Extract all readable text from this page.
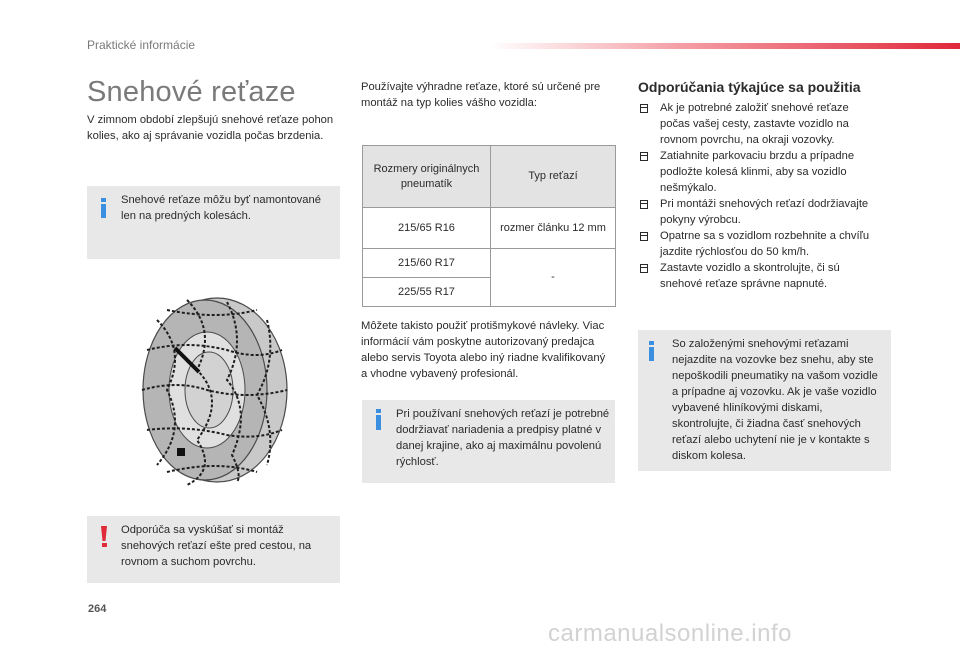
Praktické informácie
Snehové reťaze

V zimnom období zlepšujú snehové reťaze pohon kolies, ako aj správanie vozidla počas brzdenia.

Snehové reťaze môžu byť namontované len na predných kolesách.
Odporúča sa vyskúšať si montáž snehových reťazí ešte pred cestou, na rovnom a suchom povrchu.

Používajte výhradne reťaze, ktoré sú určené pre montáž na typ kolies vášho vozidla:

Rozmery originálnych pneumatík	Typ reťazí
215/65 R16	rozmer článku 12 mm
215/60 R17	-
225/55 R17	

Môžete takisto použiť protišmykové návleky. Viac informácií vám poskytne autorizovaný predajca alebo servis Toyota alebo iný riadne kvalifikovaný a vhodne vybavený profesionál.

Pri používaní snehových reťazí je potrebné dodržiavať nariadenia a predpisy platné v danej krajine, ako aj maximálnu povolenú rýchlosť.
Odporúčania týkajúce sa použitia
Ak je potrebné založiť snehové reťaze počas vašej cesty, zastavte vozidlo na rovnom povrchu, na okraji vozovky.
Zatiahnite parkovaciu brzdu a prípadne podložte kolesá klinmi, aby sa vozidlo nešmýkalo.
Pri montáži snehových reťazí dodržiavajte pokyny výrobcu.
Opatrne sa s vozidlom rozbehnite a chvíľu jazdite rýchlosťou do 50 km/h.
Zastavte vozidlo a skontrolujte, či sú snehové reťaze správne napnuté.
So založenými snehovými reťazami nejazdite na vozovke bez snehu, aby ste nepoškodili pneumatiky na vašom vozidle a prípadne aj vozovku. Ak je vaše vozidlo vybavené hliníkovými diskami, skontrolujte, či žiadna časť snehových reťazí alebo uchytení nie je v kontakte s diskom kolesa.
264
carmanualsonline.info
